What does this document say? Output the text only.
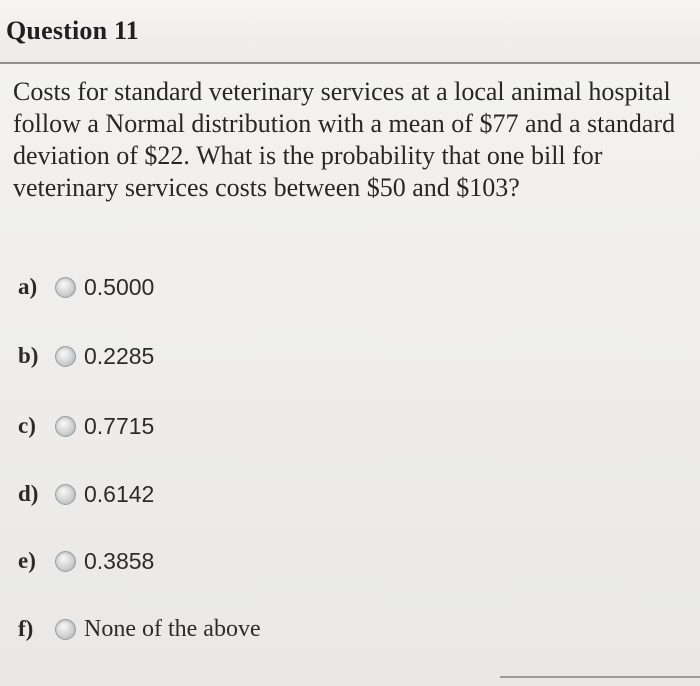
Question 11
Costs for standard veterinary services at a local animal hospital follow a Normal distribution with a mean of $77 and a standard deviation of $22. What is the probability that one bill for veterinary services costs between $50 and $103?
a) 0.5000
b) 0.2285
c) 0.7715
d) 0.6142
e) 0.3858
f) None of the above
